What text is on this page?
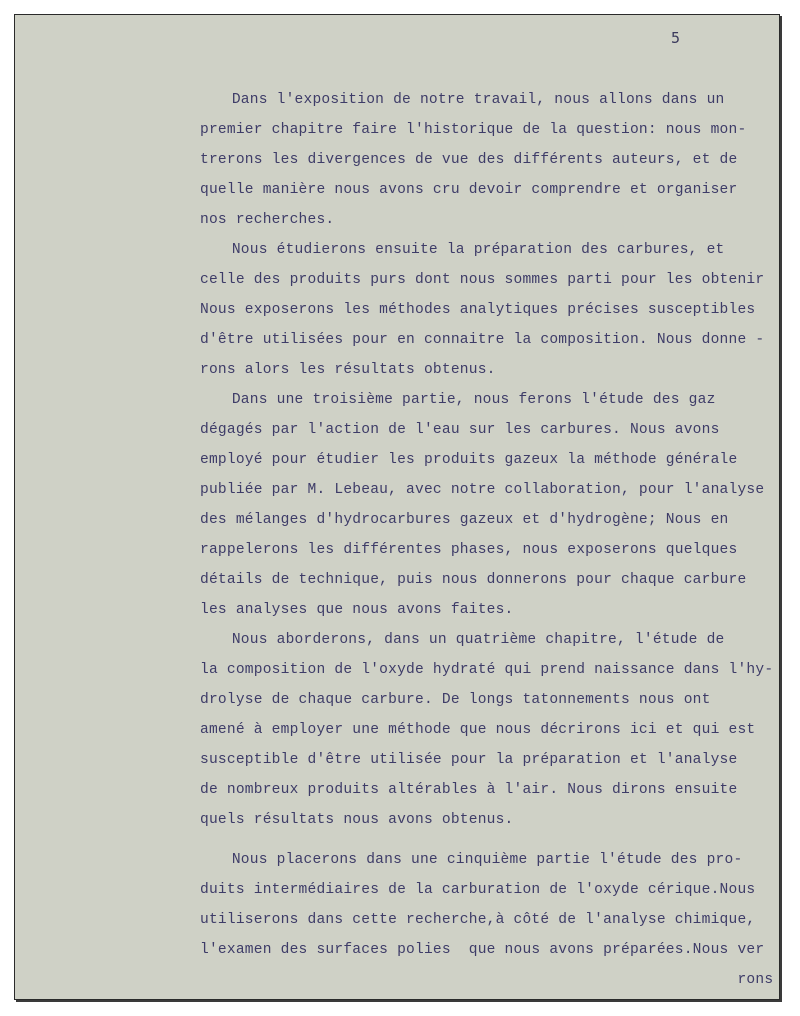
5
Dans l'exposition de notre travail, nous allons dans un
premier chapitre faire l'historique de la question: nous mon-
trerons les divergences de vue des différents auteurs, et de
quelle manière nous avons cru devoir comprendre et organiser
nos recherches.
Nous étudierons ensuite la préparation des carbures, et
celle des produits purs dont nous sommes parti pour les obtenir
Nous exposerons les méthodes analytiques précises susceptibles
d'être utilisées pour en connaitre la composition. Nous donne -
rons alors les résultats obtenus.
Dans une troisième partie, nous ferons l'étude des gaz
dégagés par l'action de l'eau sur les carbures. Nous avons
employé pour étudier les produits gazeux la méthode générale
publiée par M. Lebeau, avec notre collaboration, pour l'analyse
des mélanges d'hydrocarbures gazeux et d'hydrogène; Nous en
rappelerons les différentes phases, nous exposerons quelques
détails de technique, puis nous donnerons pour chaque carbure
les analyses que nous avons faites.
Nous aborderons, dans un quatrième chapitre, l'étude de
la composition de l'oxyde hydraté qui prend naissance dans l'hy-
drolyse de chaque carbure. De longs tatonnements nous ont
amené à employer une méthode que nous décrirons ici et qui est
susceptible d'être utilisée pour la préparation et l'analyse
de nombreux produits altérables à l'air. Nous dirons ensuite
quels résultats nous avons obtenus.
Nous placerons dans une cinquième partie l'étude des pro-
duits intermédiaires de la carburation de l'oxyde cérique.Nous
utiliserons dans cette recherche,à côté de l'analyse chimique,
l'examen des surfaces polies  que nous avons préparées.Nous ver
rons
